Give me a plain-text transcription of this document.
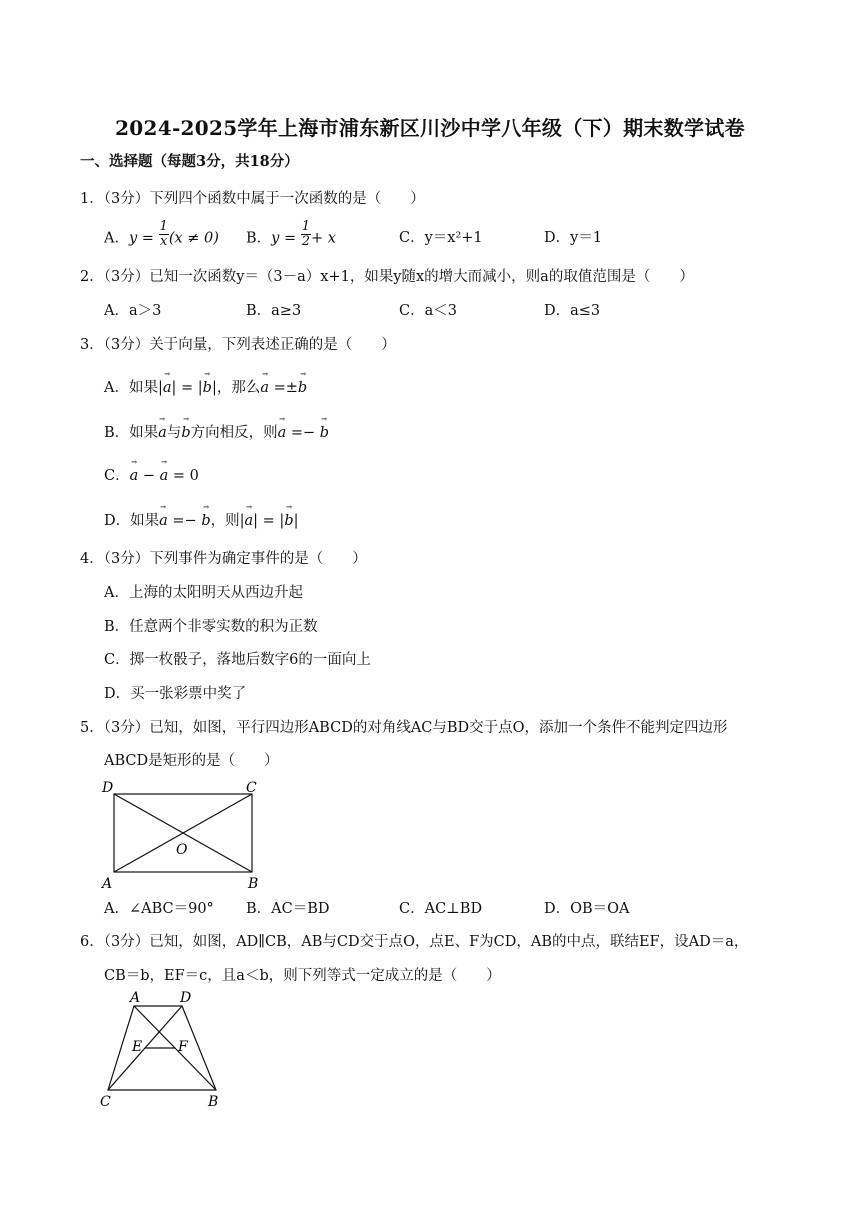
2024-2025学年上海市浦东新区川沙中学八年级（下）期末数学试卷
一、选择题（每题3分，共18分）
1．（3分）下列四个函数中属于一次函数的是（　　）
A．$y = \frac{1}{x} (x \ne 0)$ B．$y = \frac{1}{2} + x$	C．y＝x²+1	D．y＝1
2．（3分）已知一次函数y＝（3－a）x+1，如果y随x的增大而减小，则a的取值范围是（　　）
A．a＞3	B．a≥3	C．a＜3	D．a≤3
3．（3分）关于向量，下列表述正确的是（　　）
A．如果|→ a| = |→ b|，那么→ a =±→ b
B．如果→ a与→ b方向相反，则→ a =− → b
C．→ a − → a = 0
D．如果→ a =− → b，则|→ a| = |→ b|
4．（3分）下列事件为确定事件的是（　　）
A．上海的太阳明天从西边升起
B．任意两个非零实数的积为正数
C．掷一枚骰子，落地后数字6的一面向上
D．买一张彩票中奖了
5．（3分）已知，如图，平行四边形ABCD的对角线AC与BD交于点O，添加一个条件不能判定四边形
ABCD是矩形的是（　　）
D	C
O
A	B
A．∠ABC＝90° B．AC＝BD	C．AC⊥BD	D．OB＝OA
6．（3分）已知，如图，AD∥CB，AB与CD交于点O，点E、F为CD，AB的中点，联结EF，设AD＝a，
CB＝b，EF＝c，且a＜b，则下列等式一定成立的是（　　）
A	D
E	F
C	B
